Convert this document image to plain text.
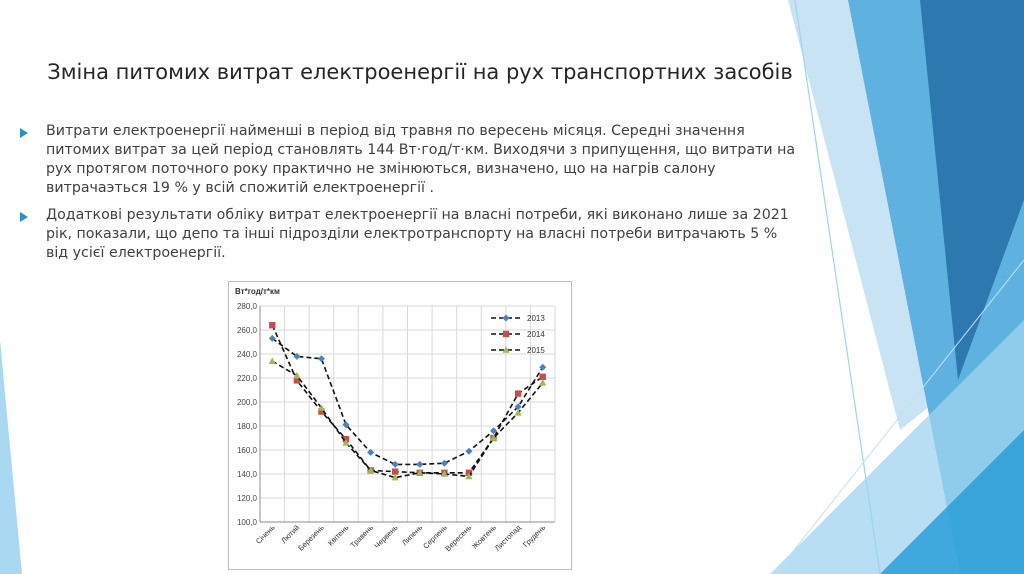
Зміна питомих витрат електроенергії на рух транспортних засобів
Витрати електроенергії найменші в період від травня по вересень місяця. Середні значення питомих витрат за цей період становлять 144 Вт·год/т·км. Виходячи з припущення, що витрати на рух протягом поточного року практично не змінюються, визначено, що на нагрів салону витрачаэться 19 % у всій спожитій електроенергії .
Додаткові результати обліку витрат електроенергії на власні потреби, які виконано лише за 2021 рік, показали, що депо та інші підрозділи електротранспорту на власні потреби витрачають 5 % від усієї електроенергії.
100,0
120,0
140,0
160,0
180,0
200,0
220,0
240,0
260,0
280,0
Вт*год/т*км
Січень Лютий
Березень Квітень
Травень
Червень Липень
Серпень
Вересень
Жовтень
Листопад
Грудень
2013
2014
2015
